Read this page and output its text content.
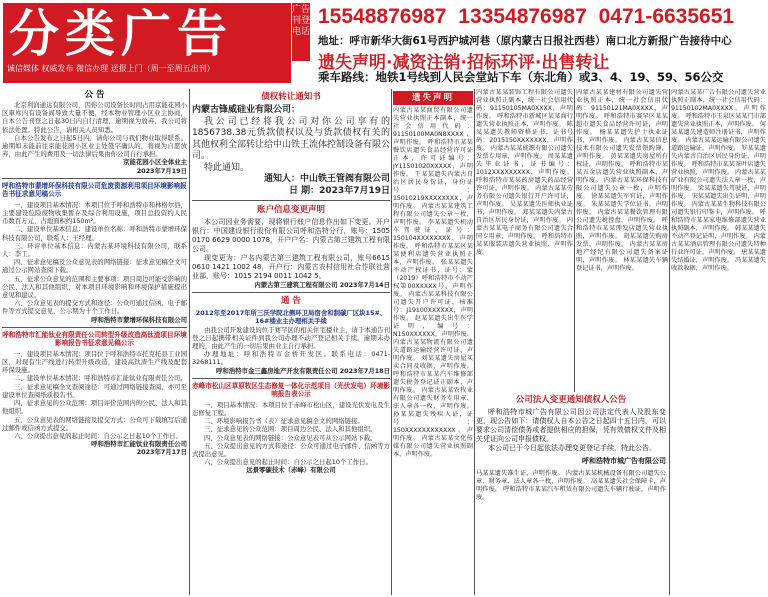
分类广告
诚信媒体 权威发布 微信办理 送报上门（周一至周五出刊）
广告刊登电话
15548876987 13354876987 0471-6635651
地址：呼市新华大街61号西护城河巷（原内蒙古日报社西巷）南口北方新报广告接待中心
遗失声明·减资注销·招标环评·出售转让
乘车路线：地铁1号线到人民会堂站下车（东北角）或3、4、19、59、56公交
公 告

北京利润通达有限公司，因你公司设备长时间占用京能花园小区車库内有设备间导致大量不便，经本物业管理小区业主协商，自本公告刊登之日起30日内自行清理，逾期视为放弃，我公司将依法处置。特此公告，请相关人员知悉。

自本公告发布之日起5日内，请你公司与我们物业取得联系。逾期如未能前往京能花园小区业主处签字确认的，将视为自愿放弃，由此产生的费用及一切法律后果由你公司自行承担。

京能花园小区全体业主
2023年7月19日
呼和浩特市蒙增环保科技有限公司危废资源利用项目环境影响报告书征求意见稿公示

一、建设项目基本情况：本项目位于呼和浩特市和林格尔县，主要建设危险废物收集暂存及综合利用设施，项目总投资约人民币数百万元，占地面积约150m²。

二、建设单位基本信息：建设单位名称：呼和浩特市蒙增环保科技有限公司，联系人：王经理。

三、环评单位基本信息：内蒙古某环境科技有限公司，联系人：李工。

四、征求意见稿及公众意见表的网络链接：征求意见稿全文可通过公示网站查阅下载。

五、征求公众意见的范围和主要事项：项目周边可能受影响的公民、法人和其他组织，对本项目环境影响和环境保护措施提出意见和建议。

六、公众意见表的提交方式和途径：公众可通过信函、电子邮件等方式提交意见，公示期为十个工作日。

呼和浩特市蒙增环保科技有限公司
呼和浩特市汇能钛业有限责任公司转型升级改造高钛渣项目环境影响报告书征求意见稿公示

一、建设项目基本情况：项目位于呼和浩特市托克托县工业园区，对现有生产线进行转型升级改造，建设高钛渣生产线及配套环保设施。

二、建设单位基本情况：呼和浩特市汇能钛业有限责任公司。

三、征求意见稿全文查阅途径：可通过网络链接查阅，亦可至建设单位查阅纸质报告书。

四、征求意见的公众范围：项目评价范围内的公民、法人和其他组织。

五、公众意见表的网络链接及提交方式：公众可下载填写后通过邮件或信函方式提交。

六、公众提出意见的起止时间：自公示之日起10个工作日。

呼和浩特市汇能钛业有限责任公司
2023年7月17日
债权转让通知书
内蒙古锋威硅业有限公司：

我公司已经将我公司对你公司享有的1856738.38元货款债权以及与货款债权有关的其他权利全部转让给中山铁王流体控制设备有限公司。

特此通知。

通知人：中山铁王管阀有限公司
日 期：2023年7月19日
账户信息变更声明

本公司因业务需要，现将银行账户信息作出如下变更。开户银行：中国建设银行股份有限公司呼和浩特分行，账号：1505 0170 6629 0000 1078，开户户名：内蒙古第三建筑工程有限公司。

现变更为：户名内蒙古第三建筑工程有限公司，账号6615 0610 1421 1002 48，开户行：内蒙古农村信用社合作联社营业部，账号：1015 2194 0011 1042 5。

内蒙古第三建筑工程有限公司 2023年7月14日
通 告
2012年至2017年所三沃学院北侧环卫局宿舍和制碳厂区块15#、16#楼业主办理相关手续

由我公司开发建设的位于赛罕区的相关住宅楼业主，请于本通告刊登之日起携带相关证件到我公司办理不动产登记相关手续。逾期未办理的，由此产生的一切后果由业主自行承担。

办理地址：呼和浩特市金桥开发区。联系电话：0471-3268111。

呼和浩特市金三鑫房地产开发有限责任公司 2023年7月18日
赤峰市松山区草原牧区生态修复一体化示范项目（光伏发电）环境影响报告表公示

一、项目基本情况：本项目位于赤峰市松山区，建设光伏发电及生态修复工程。

二、环境影响报告书（表）征求意见稿全文的网络链接。

三、征求意见的公众范围：项目周边公民、法人和其他组织。

四、公众意见表的网络链接：公众意见表可从公示网站下载。

五、公众提出意见的方式和途径：公众可通过电子邮件、信函等方式提出意见。

六、公众提出意见的起止时间：自公示之日起10个工作日。

远景零碳技术（赤峰）有限公司
遗失声明

内蒙古某某商贸有限公司遗失营业执照正本副本，统一社会信用代码：91150100MA0N8XXXX，声明作废。 呼和浩特市某某餐饮店遗失食品经营许可证正本，许可证编号：JY11501020XXXXX，声明作废。 王某某遗失内蒙古自治区居民身份证，身份证号：15010219XXXXXXXX，声明作废。 内蒙古某某建筑工程有限公司遗失公章一枚，声明作废。 李某某遗失机动车驾驶证，证号：150104XXXXXXXX，声明作废。 呼和浩特市某某区某某便利店遗失营业执照正本，声明作废。 张某某遗失不动产权证书，证号：蒙（2019）呼和浩特市不动产权第00XXXXX号，声明作废。 内蒙古某某科技有限公司遗失开户许可证，核准号：J19100XXXXXX，声明作废。 赵某某遗失出生医学证明，编号：N150XXXXXX，声明作废。 内蒙古某某物流有限公司遗失道路运输经营许可证，声明作废。 刘某某遗失房屋买卖合同及收据，声明作废。 呼和浩特市某某汽车维修部遗失税务登记证正副本，声明作废。 内蒙古某某农牧业有限公司遗失财务专用章、法人章各一枚，声明作废。 孙某某遗失残疾人证，证号：150XXXXXXXXXXXX，声明作废。 内蒙古某某文化传媒有限公司遗失营业执照副本，声明作废。

内蒙古某某装饰工程有限公司遗失营业执照正副本，统一社会信用代码：91150105MA0XXXX，声明作废。 呼和浩特市新城区某某商行遗失营业执照正本，声明作废。 陈某某遗失教师资格证书，证书号码：2015150XXXXXXX，声明作废。 内蒙古某某能源有限公司遗失发票专用章，声明作废。 周某某遗失毕业证书，证书编号：1012XXXXXXXXX，声明作废。 呼和浩特市某某药房遗失药品经营许可证，声明作废。 内蒙古某某劳务有限公司遗失银行开户许可证，声明作废。 吴某某遗失医师执业证书，声明作废。 郑某某遗失内蒙古自治区居民身份证，声明作废。 内蒙古某某电子商务有限公司遗失合同专用章，声明作废。 呼和浩特市某某服装店遗失营业执照，声明作废。

内蒙古某某建材有限公司遗失营业执照正本，统一社会信用代码：91150121MA0XXXX，声明作废。 呼和浩特市赛罕区某某超市遗失食品经营许可证，声明作废。 杨某某遗失护士执业证书，声明作废。 内蒙古某某信息技术有限公司遗失发票领购簿，声明作废。 黄某某遗失房屋所有权证，声明作废。 呼和浩特市某某五金店遗失营业执照副本，声明作废。 内蒙古某某环保科技有限公司遗失公章一枚，声明作废。 徐某某遗失军官证，声明作废。 朱某某遗失学位证书，声明作废。 内蒙古某某餐饮管理有限公司遗失税控盘，声明作废。 呼和浩特市某某理发店遗失营业执照，声明作废。 胡某某遗失购房发票，声明作废。 内蒙古某某房地产经纪有限公司遗失备案证明，声明作废。 林某某遗失车辆登记证书，声明作废。

公司法人变更通知债权人公告

呼和浩特市城广告有限公司因公司法定代表人及股东变更，现公告如下：请债权人自本公告之日起四十五日内，可以要求公司清偿债务或者提供相应的担保，凭有效债权文件及相关凭证向公司申报债权。

本公司已于今日起依法办理变更登记手续，特此公告。

呼和浩特市城广告有限公司

马某某遗失准生证，声明作废。 内蒙古某某机械设备有限公司遗失公章、财务章、法人章各一枚，声明作废。 高某某遗失社会保障卡，声明作废。 呼和浩特市某某汽车租赁有限公司遗失车辆行驶证，声明作废。

内蒙古某某广告有限公司遗失营业执照正副本，统一社会信用代码：91150102MA0XXXX，声明作废。 呼和浩特市玉泉区某某门市部遗失营业执照正本，声明作废。 何某某遗失建造师注册证书，声明作废。 内蒙古某某运输有限公司遗失道路运输证，声明作废。 罗某某遗失内蒙古自治区居民身份证，声明作废。 呼和浩特市某某茶叶店遗失营业执照，声明作废。 内蒙古某某矿业有限公司遗失法人章一枚，声明作废。 梁某某遗失驾驶证，声明作废。 宋某某遗失出生证明，声明作废。 内蒙古某某生物科技有限公司遗失银行印鉴卡，声明作废。 呼和浩特市某某家电维修部遗失营业执照副本，声明作废。 韩某某遗失不动产登记证明，声明作废。 内蒙古某某酒店管理有限公司遗失特种行业许可证，声明作废。 唐某某遗失结婚证，声明作废。 冯某某遗失收款收据，声明作废。
